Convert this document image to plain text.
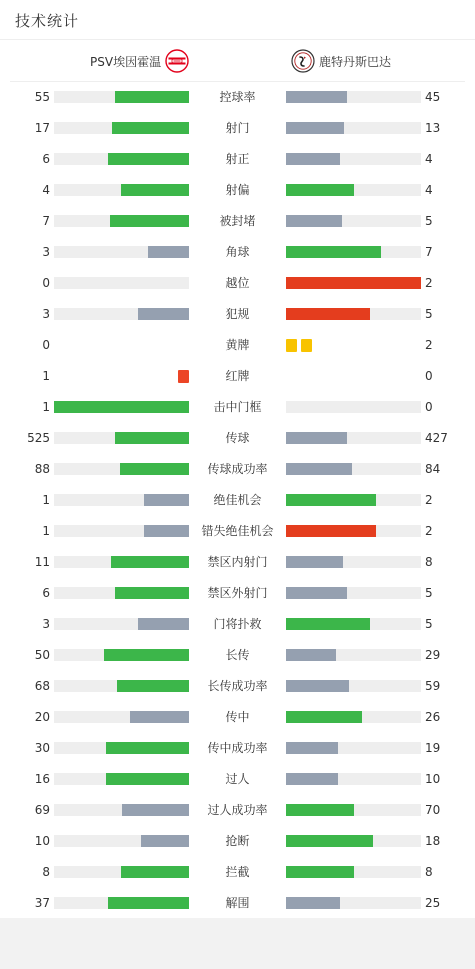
技术统计
PSV埃因霍温	鹿特丹斯巴达
55	控球率	45
17	射门	13
6	射正	4
4	射偏	4
7	被封堵	5
3	角球	7
0	越位	2
3	犯规	5
0	黄牌	2
1	红牌	0
1	击中门框	0
525	传球	427
88	传球成功率	84
1	绝佳机会	2
1	错失绝佳机会	2
11	禁区内射门	8
6	禁区外射门	5
3	门将扑救	5
50	长传	29
68	长传成功率	59
20	传中	26
30	传中成功率	19
16	过人	10
69	过人成功率	70
10	抢断	18
8	拦截	8
37	解围	25
